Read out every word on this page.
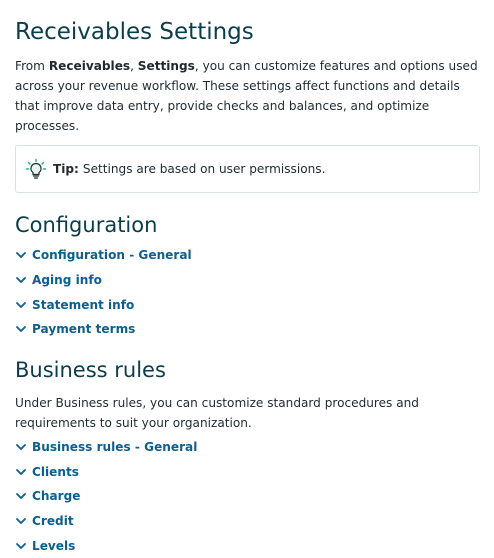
Receivables Settings

From Receivables, Settings, you can customize features and options used across your revenue workflow. These settings affect functions and details that improve data entry, provide checks and balances, and optimize processes.

Tip: Settings are based on user permissions.
Configuration
Configuration - General
Aging info
Statement info
Payment terms
Business rules

Under Business rules, you can customize standard procedures and requirements to suit your organization.

Business rules - General
Clients
Charge
Credit
Levels
